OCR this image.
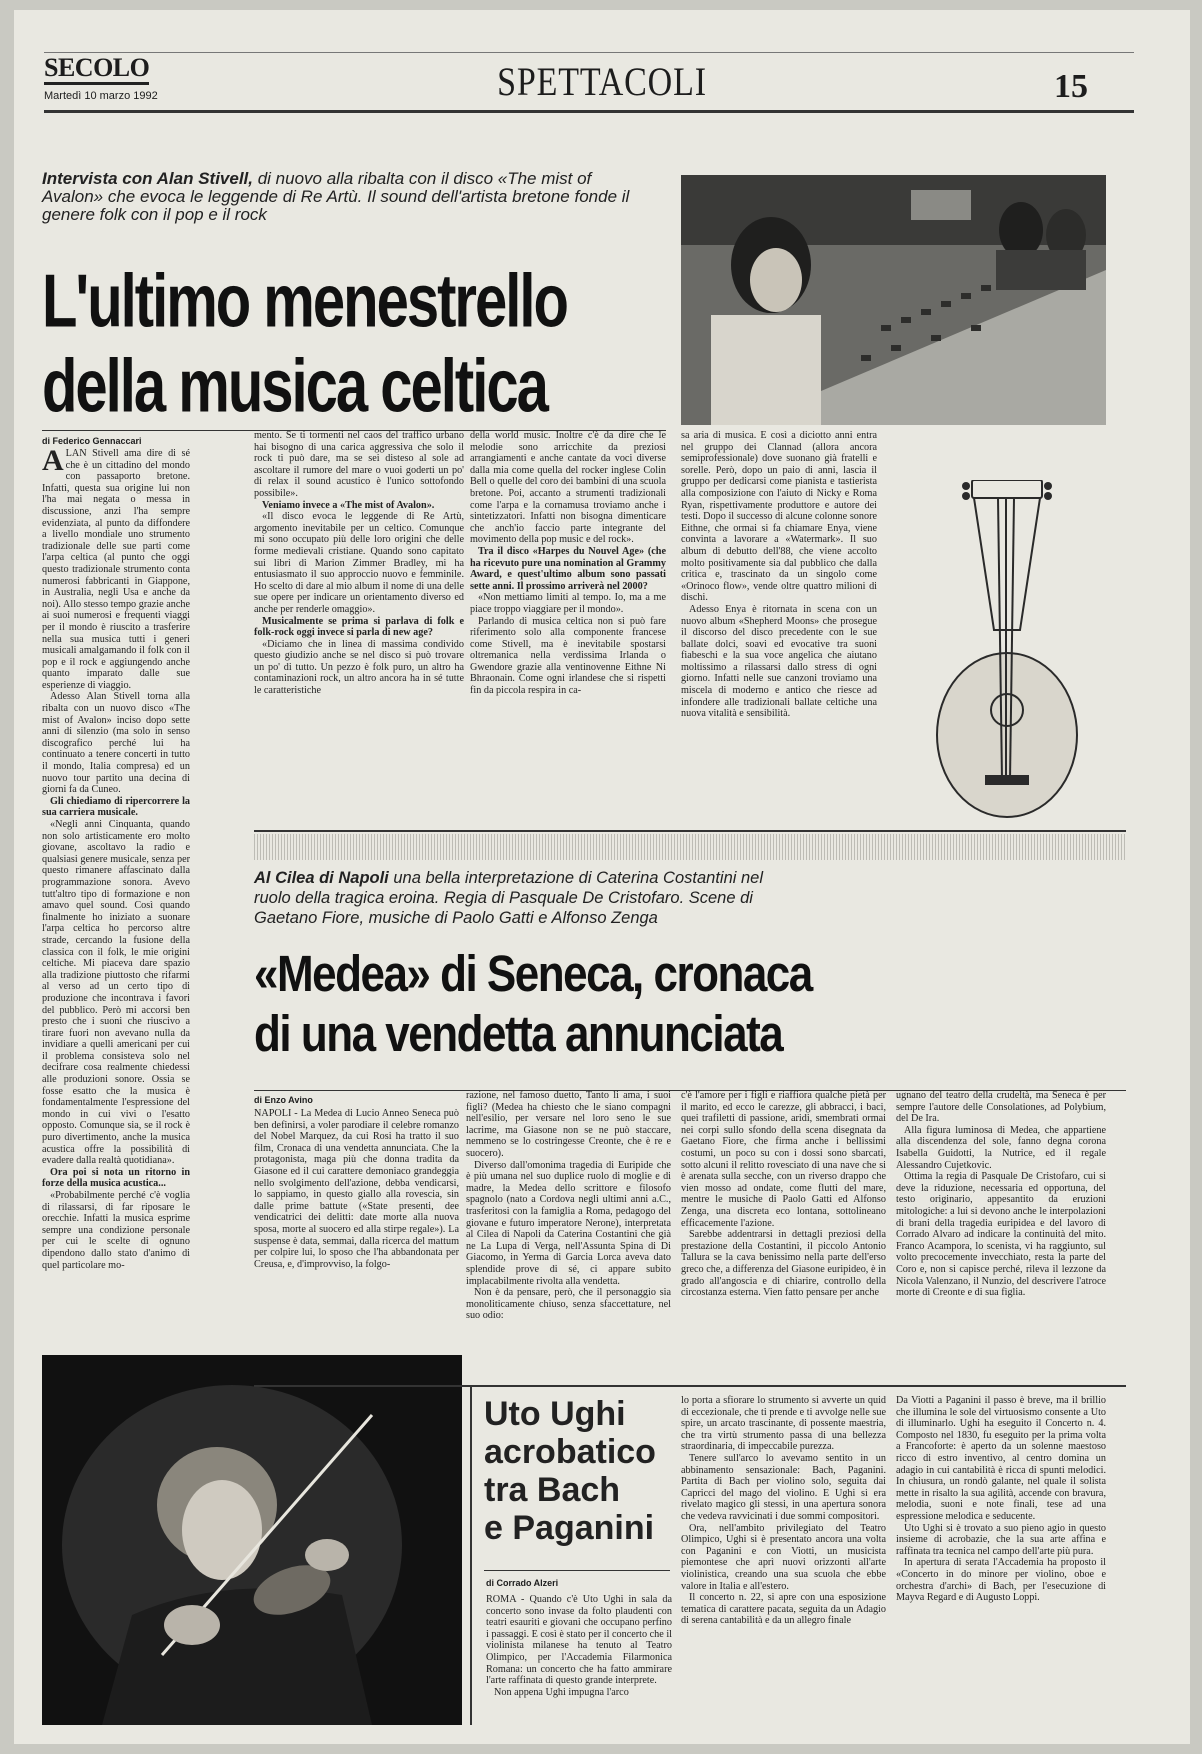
SECOLO
Martedì 10 marzo 1992	SPETTACOLI	15
Intervista con Alan Stivell, di nuovo alla ribalta con il disco «The mist of Avalon» che evoca le leggende di Re Artù. Il sound dell'artista bretone fonde il genere folk con il pop e il rock
L'ultimo menestrello
della musica celtica
di Federico Gennaccari

ALAN Stivell ama dire di sé che è un cittadino del mondo con passaporto bretone. Infatti, questa sua origine lui non l'ha mai negata o messa in discussione, anzi l'ha sempre evidenziata, al punto da diffondere a livello mondiale uno strumento tradizionale delle sue parti come l'arpa celtica (al punto che oggi questo tradizionale strumento conta numerosi fabbricanti in Giappone, in Australia, negli Usa e anche da noi). Allo stesso tempo grazie anche ai suoi numerosi e frequenti viaggi per il mondo è riuscito a trasferire nella sua musica tutti i generi musicali amalgamando il folk con il pop e il rock e aggiungendo anche quanto imparato dalle sue esperienze di viaggio.

Adesso Alan Stivell torna alla ribalta con un nuovo disco «The mist of Avalon» inciso dopo sette anni di silenzio (ma solo in senso discografico perché lui ha continuato a tenere concerti in tutto il mondo, Italia compresa) ed un nuovo tour partito una decina di giorni fa da Cuneo.

Gli chiediamo di ripercorrere la sua carriera musicale.

«Negli anni Cinquanta, quando non solo artisticamente ero molto giovane, ascoltavo la radio e qualsiasi genere musicale, senza per questo rimanere affascinato dalla programmazione sonora. Avevo tutt'altro tipo di formazione e non amavo quel sound. Così quando finalmente ho iniziato a suonare l'arpa celtica ho percorso altre strade, cercando la fusione della classica con il folk, le mie origini celtiche. Mi piaceva dare spazio alla tradizione piuttosto che rifarmi al verso ad un certo tipo di produzione che incontrava i favori del pubblico. Però mi accorsi ben presto che i suoni che riuscivo a tirare fuori non avevano nulla da invidiare a quelli americani per cui il problema consisteva solo nel decifrare cosa realmente chiedessi alle produzioni sonore. Ossia se fosse esatto che la musica è fondamentalmente l'espressione del mondo in cui vivi o l'esatto opposto. Comunque sia, se il rock è puro divertimento, anche la musica acustica offre la possibilità di evadere dalla realtà quotidiana».

Ora poi si nota un ritorno in forze della musica acustica...

«Probabilmente perché c'è voglia di rilassarsi, di far riposare le orecchie. Infatti la musica esprime sempre una condizione personale per cui le scelte di ognuno dipendono dallo stato d'animo di quel particolare mo-

mento. Se ti tormenti nel caos del traffico urbano hai bisogno di una carica aggressiva che solo il rock ti può dare, ma se sei disteso al sole ad ascoltare il rumore del mare o vuoi goderti un po' di relax il sound acustico è l'unico sottofondo possibile».

Veniamo invece a «The mist of Avalon».

«Il disco evoca le leggende di Re Artù, argomento inevitabile per un celtico. Comunque mi sono occupato più delle loro origini che delle forme medievali cristiane. Quando sono capitato sui libri di Marion Zimmer Bradley, mi ha entusiasmato il suo approccio nuovo e femminile. Ho scelto di dare al mio album il nome di una delle sue opere per indicare un orientamento diverso ed anche per renderle omaggio».

Musicalmente se prima si parlava di folk e folk-rock oggi invece si parla di new age?

«Diciamo che in linea di massima condivido questo giudizio anche se nel disco si può trovare un po' di tutto. Un pezzo è folk puro, un altro ha contaminazioni rock, un altro ancora ha in sé tutte le caratteristiche

della world music. Inoltre c'è da dire che le melodie sono arricchite da preziosi arrangiamenti e anche cantate da voci diverse dalla mia come quella del rocker inglese Colin Bell o quelle del coro dei bambini di una scuola bretone. Poi, accanto a strumenti tradizionali come l'arpa e la cornamusa troviamo anche i sintetizzatori. Infatti non bisogna dimenticare che anch'io faccio parte integrante del movimento della pop music e del rock».

Tra il disco «Harpes du Nouvel Age» (che ha ricevuto pure una nomination al Grammy Award, e quest'ultimo album sono passati sette anni. Il prossimo arriverà nel 2000?

«Non mettiamo limiti al tempo. Io, ma a me piace troppo viaggiare per il mondo».

Parlando di musica celtica non si può fare riferimento solo alla componente francese come Stivell, ma è inevitabile spostarsi oltremanica nella verdissima Irlanda o Gwendore grazie alla ventinovenne Eithne Ni Bhraonain. Come ogni irlandese che si rispetti fin da piccola respira in ca-

sa aria di musica. E così a diciotto anni entra nel gruppo dei Clannad (allora ancora semiprofessionale) dove suonano già fratelli e sorelle. Però, dopo un paio di anni, lascia il gruppo per dedicarsi come pianista e tastierista alla composizione con l'aiuto di Nicky e Roma Ryan, rispettivamente produttore e autore dei testi. Dopo il successo di alcune colonne sonore Eithne, che ormai si fa chiamare Enya, viene convinta a lavorare a «Watermark». Il suo album di debutto dell'88, che viene accolto molto positivamente sia dal pubblico che dalla critica e, trascinato da un singolo come «Orinoco flow», vende oltre quattro milioni di dischi.

Adesso Enya è ritornata in scena con un nuovo album «Shepherd Moons» che prosegue il discorso del disco precedente con le sue ballate dolci, soavi ed evocative tra suoni fiabeschi e la sua voce angelica che aiutano moltissimo a rilassarsi dallo stress di ogni giorno. Infatti nelle sue canzoni troviamo una miscela di moderno e antico che riesce ad infondere alle tradizionali ballate celtiche una nuova vitalità e sensibilità.

Al Cilea di Napoli una bella interpretazione di Caterina Costantini nel ruolo della tragica eroina. Regia di Pasquale De Cristofaro. Scene di Gaetano Fiore, musiche di Paolo Gatti e Alfonso Zenga
«Medea» di Seneca, cronaca
di una vendetta annunciata
di Enzo Avino

NAPOLI - La Medea di Lucio Anneo Seneca può ben definirsi, a voler parodiare il celebre romanzo del Nobel Marquez, da cui Rosi ha tratto il suo film, Cronaca di una vendetta annunciata. Che la protagonista, maga più che donna tradita da Giasone ed il cui carattere demoniaco grandeggia nello svolgimento dell'azione, debba vendicarsi, lo sappiamo, in questo giallo alla rovescia, sin dalle prime battute («State presenti, dee vendicatrici dei delitti: date morte alla nuova sposa, morte al suocero ed alla stirpe regale»). La suspense è data, semmai, dalla ricerca del mattum per colpire lui, lo sposo che l'ha abbandonata per Creusa, e, d'improvviso, la folgo-

razione, nel famoso duetto, Tanto li ama, i suoi figli? (Medea ha chiesto che le siano compagni nell'esilio, per versare nel loro seno le sue lacrime, ma Giasone non se ne può staccare, nemmeno se lo costringesse Creonte, che è re e suocero).

Diverso dall'omonima tragedia di Euripide che è più umana nel suo duplice ruolo di moglie e di madre, la Medea dello scrittore e filosofo spagnolo (nato a Cordova negli ultimi anni a.C., trasferitosi con la famiglia a Roma, pedagogo del giovane e futuro imperatore Nerone), interpretata al Cilea di Napoli da Caterina Costantini che già ne La Lupa di Verga, nell'Assunta Spina di Di Giacomo, in Yerma di Garcia Lorca aveva dato splendide prove di sé, ci appare subito implacabilmente rivolta alla vendetta.

Non è da pensare, però, che il personaggio sia monoliticamente chiuso, senza sfaccettature, nel suo odio:

c'è l'amore per i figli e riaffiora qualche pietà per il marito, ed ecco le carezze, gli abbracci, i baci, quei trafiletti di passione, aridi, smembrati ormai nei corpi sullo sfondo della scena disegnata da Gaetano Fiore, che firma anche i bellissimi costumi, un poco su con i dossi sono sbarcati, sotto alcuni il relitto rovesciato di una nave che si è arenata sulla secche, con un riverso drappo che vien mosso ad ondate, come flutti del mare, mentre le musiche di Paolo Gatti ed Alfonso Zenga, una discreta eco lontana, sottolineano efficacemente l'azione.

Sarebbe addentrarsi in dettagli preziosi della prestazione della Costantini, il piccolo Antonio Tallura se la cava benissimo nella parte dell'erso greco che, a differenza del Giasone euripideo, è in grado all'angoscia e di chiarire, controllo della circostanza esterna. Vien fatto pensare per anche

ugnano del teatro della crudeltà, ma Seneca è per sempre l'autore delle Consolationes, ad Polybium, del De Ira.

Alla figura luminosa di Medea, che appartiene alla discendenza del sole, fanno degna corona Isabella Guidotti, la Nutrice, ed il regale Alessandro Cujetkovic.

Ottima la regia di Pasquale De Cristofaro, cui si deve la riduzione, necessaria ed opportuna, del testo originario, appesantito da eruzioni mitologiche: a lui si devono anche le interpolazioni di brani della tragedia euripidea e del lavoro di Corrado Alvaro ad indicare la continuità del mito. Franco Acampora, lo scenista, vi ha raggiunto, sul volto precocemente invecchiato, resta la parte del Coro e, non si capisce perché, rileva il lezzone da Nicola Valenzano, il Nunzio, del descrivere l'atroce morte di Creonte e di sua figlia.

Uto Ughi
acrobatico
tra Bach
e Paganini
di Corrado Alzeri

ROMA - Quando c'è Uto Ughi in sala da concerto sono invase da folto plaudenti con teatri esauriti e giovani che occupano perfino i passaggi. E così è stato per il concerto che il violinista milanese ha tenuto al Teatro Olimpico, per l'Accademia Filarmonica Romana: un concerto che ha fatto ammirare l'arte raffinata di questo grande interprete.

Non appena Ughi impugna l'arco

lo porta a sfiorare lo strumento si avverte un quid di eccezionale, che ti prende e ti avvolge nelle sue spire, un arcato trascinante, di possente maestria, che tra virtù strumento passa di una bellezza straordinaria, di impeccabile purezza.

Tenere sull'arco lo avevamo sentito in un abbinamento sensazionale: Bach, Paganini. Partita di Bach per violino solo, seguita dai Capricci del mago del violino. E Ughi si era rivelato magico gli stessi, in una apertura sonora che vedeva ravvicinati i due sommi compositori.

Ora, nell'ambito privilegiato del Teatro Olimpico, Ughi si è presentato ancora una volta con Paganini e con Viotti, un musicista piemontese che aprì nuovi orizzonti all'arte violinistica, creando una sua scuola che ebbe valore in Italia e all'estero.

Il concerto n. 22, si apre con una esposizione tematica di carattere pacata, seguita da un Adagio di serena cantabilità e da un allegro finale

Da Viotti a Paganini il passo è breve, ma il brillio che illumina le sole del virtuosismo consente a Uto di illuminarlo. Ughi ha eseguito il Concerto n. 4. Composto nel 1830, fu eseguito per la prima volta a Francoforte: è aperto da un solenne maestoso ricco di estro inventivo, al centro domina un adagio in cui cantabilità è ricca di spunti melodici. In chiusura, un rondò galante, nel quale il solista mette in risalto la sua agilità, accende con bravura, melodia, suoni e note finali, tese ad una espressione melodica e seducente.

Uto Ughi si è trovato a suo pieno agio in questo insieme di acrobazie, che la sua arte affina e raffinata tra tecnica nel campo dell'arte più pura.

In apertura di serata l'Accademia ha proposto il «Concerto in do minore per violino, oboe e orchestra d'archi» di Bach, per l'esecuzione di Mayva Regard e di Augusto Loppi.
